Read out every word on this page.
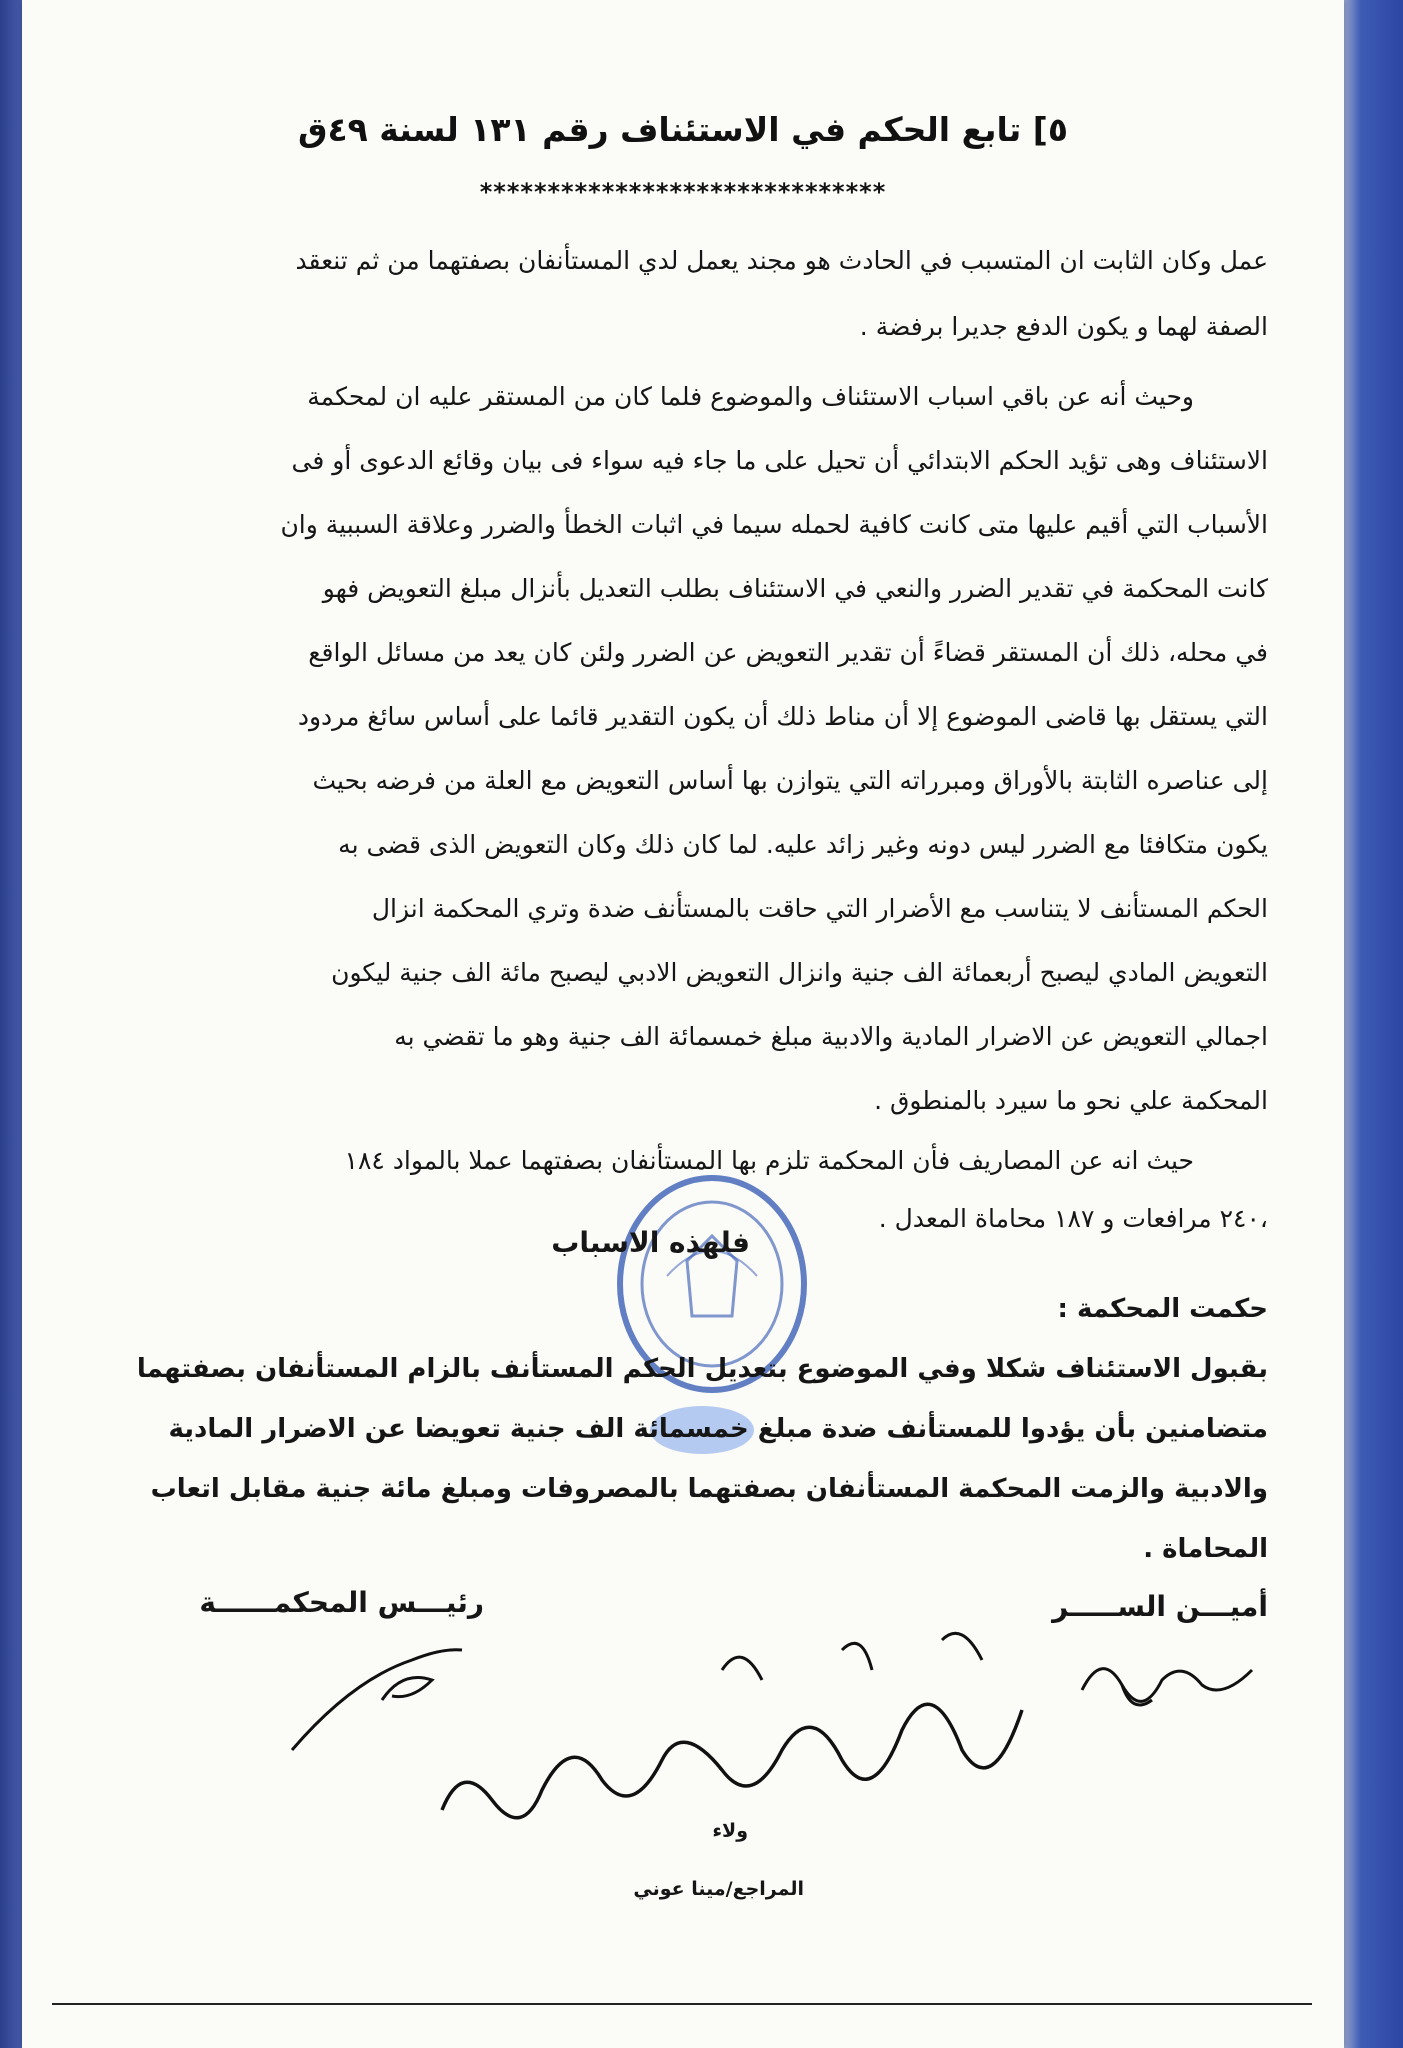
٥] تابع الحكم في الاستئناف رقم ١٣١ لسنة ٤٩ق
******************************
عمل وكان الثابت ان المتسبب في الحادث هو مجند يعمل لدي المستأنفان بصفتهما من ثم تنعقد
الصفة لهما و يكون الدفع جديرا برفضة .
وحيث أنه عن باقي اسباب الاستئناف والموضوع فلما كان من المستقر عليه ان لمحكمة
الاستئناف وهى تؤيد الحكم الابتدائي أن تحيل على ما جاء فيه سواء فى بيان وقائع الدعوى أو فى
الأسباب التي أقيم عليها متى كانت كافية لحمله سيما في اثبات الخطأ والضرر وعلاقة السببية وان
كانت المحكمة في تقدير الضرر والنعي في الاستئناف بطلب التعديل بأنزال مبلغ التعويض فهو
في محله، ذلك أن المستقر قضاءً أن تقدير التعويض عن الضرر ولئن كان يعد من مسائل الواقع
التي يستقل بها قاضى الموضوع إلا أن مناط ذلك أن يكون التقدير قائما على أساس سائغ مردود
إلى عناصره الثابتة بالأوراق ومبرراته التي يتوازن بها أساس التعويض مع العلة من فرضه بحيث
يكون متكافئا مع الضرر ليس دونه وغير زائد عليه. لما كان ذلك وكان التعويض الذى قضى به
الحكم المستأنف لا يتناسب مع الأضرار التي حاقت بالمستأنف ضدة وتري المحكمة انزال
التعويض المادي ليصبح أربعمائة الف جنية وانزال التعويض الادبي ليصبح مائة الف جنية ليكون
اجمالي التعويض عن الاضرار المادية والادبية مبلغ خمسمائة الف جنية وهو ما تقضي به
المحكمة علي نحو ما سيرد بالمنطوق .
حيث انه عن المصاريف فأن المحكمة تلزم بها المستأنفان بصفتهما عملا بالمواد ١٨٤
،٢٤٠ مرافعات و ١٨٧ محاماة المعدل .
فلهذه الاسباب
حكمت المحكمة :
بقبول الاستئناف شكلا وفي الموضوع بتعديل الحكم المستأنف بالزام المستأنفان بصفتهما
متضامنين بأن يؤدوا للمستأنف ضدة مبلغ خمسمائة الف جنية تعويضا عن الاضرار المادية
والادبية والزمت المحكمة المستأنفان بصفتهما بالمصروفات ومبلغ مائة جنية مقابل اتعاب
المحاماة .
أميـــن الســـــر
رئيـــس المحكمــــــة
ولاء
المراجع/مينا عوني
